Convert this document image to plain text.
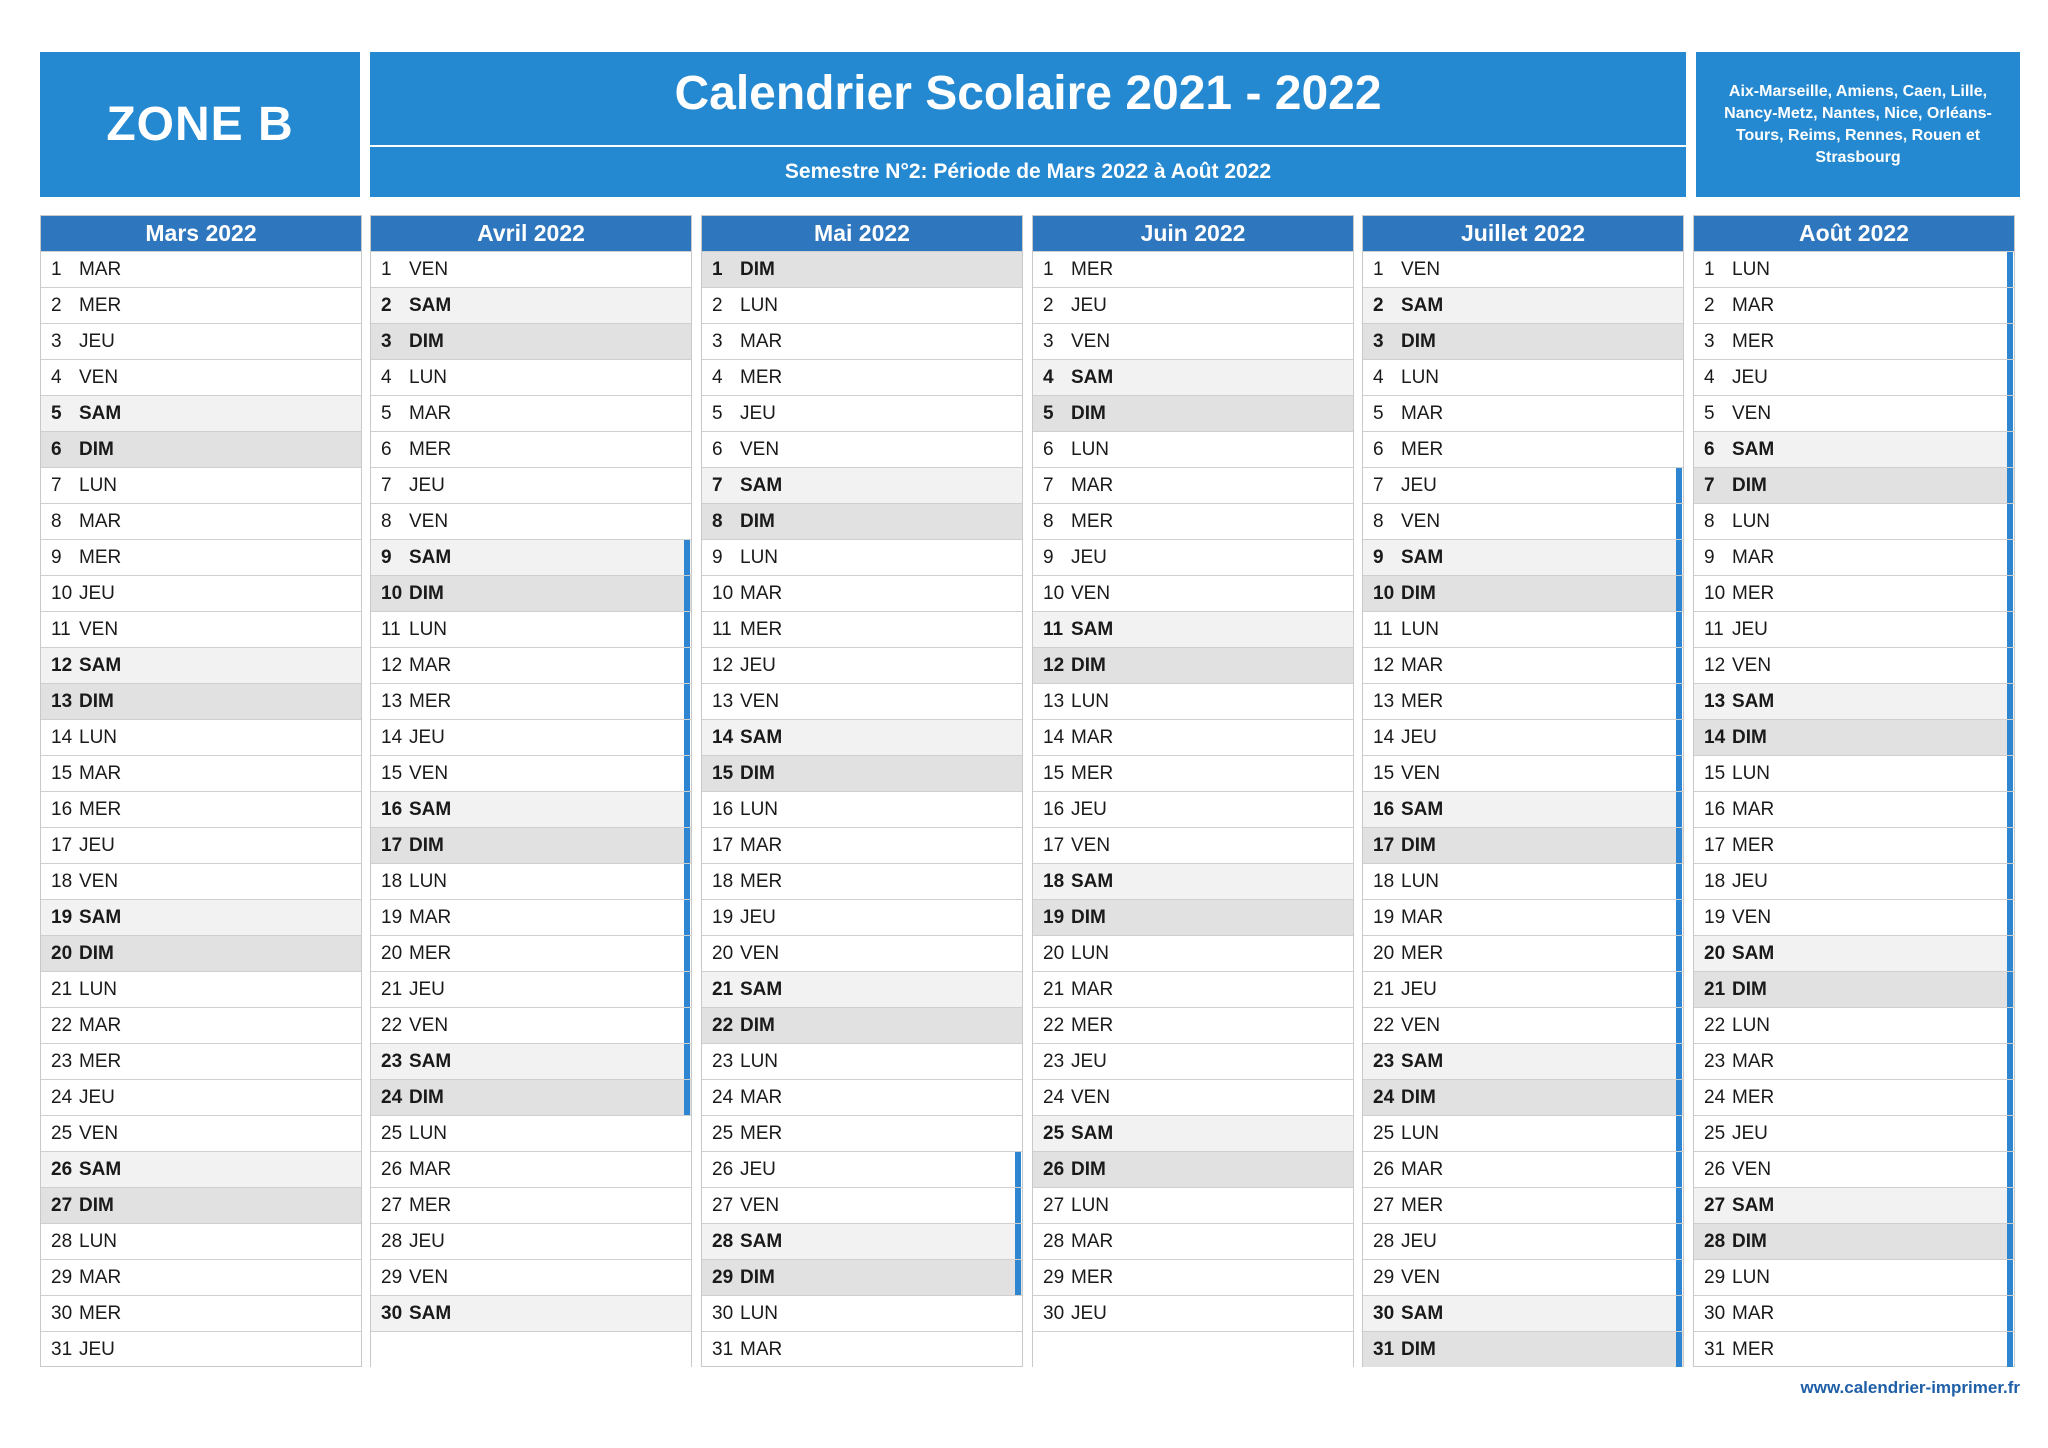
ZONE B
Calendrier Scolaire 2021 - 2022
Semestre N°2: Période de Mars 2022 à Août 2022
Aix-Marseille, Amiens, Caen, Lille, Nancy-Metz, Nantes, Nice, Orléans-Tours, Reims, Rennes, Rouen et Strasbourg
Mars 2022
1 MAR
2 MER
3 JEU
4 VEN
5 SAM
6 DIM
7 LUN
8 MAR
9 MER
10 JEU
11 VEN
12 SAM
13 DIM
14 LUN
15 MAR
16 MER
17 JEU
18 VEN
19 SAM
20 DIM
21 LUN
22 MAR
23 MER
24 JEU
25 VEN
26 SAM
27 DIM
28 LUN
29 MAR
30 MER
31 JEU
Avril 2022
1 VEN
2 SAM
3 DIM
4 LUN
5 MAR
6 MER
7 JEU
8 VEN
9 SAM
10 DIM
11 LUN
12 MAR
13 MER
14 JEU
15 VEN
16 SAM
17 DIM
18 LUN
19 MAR
20 MER
21 JEU
22 VEN
23 SAM
24 DIM
25 LUN
26 MAR
27 MER
28 JEU
29 VEN
30 SAM
Mai 2022
1 DIM
2 LUN
3 MAR
4 MER
5 JEU
6 VEN
7 SAM
8 DIM
9 LUN
10 MAR
11 MER
12 JEU
13 VEN
14 SAM
15 DIM
16 LUN
17 MAR
18 MER
19 JEU
20 VEN
21 SAM
22 DIM
23 LUN
24 MAR
25 MER
26 JEU
27 VEN
28 SAM
29 DIM
30 LUN
31 MAR
Juin 2022
1 MER
2 JEU
3 VEN
4 SAM
5 DIM
6 LUN
7 MAR
8 MER
9 JEU
10 VEN
11 SAM
12 DIM
13 LUN
14 MAR
15 MER
16 JEU
17 VEN
18 SAM
19 DIM
20 LUN
21 MAR
22 MER
23 JEU
24 VEN
25 SAM
26 DIM
27 LUN
28 MAR
29 MER
30 JEU
Juillet 2022
1 VEN
2 SAM
3 DIM
4 LUN
5 MAR
6 MER
7 JEU
8 VEN
9 SAM
10 DIM
11 LUN
12 MAR
13 MER
14 JEU
15 VEN
16 SAM
17 DIM
18 LUN
19 MAR
20 MER
21 JEU
22 VEN
23 SAM
24 DIM
25 LUN
26 MAR
27 MER
28 JEU
29 VEN
30 SAM
31 DIM
Août 2022
1 LUN
2 MAR
3 MER
4 JEU
5 VEN
6 SAM
7 DIM
8 LUN
9 MAR
10 MER
11 JEU
12 VEN
13 SAM
14 DIM
15 LUN
16 MAR
17 MER
18 JEU
19 VEN
20 SAM
21 DIM
22 LUN
23 MAR
24 MER
25 JEU
26 VEN
27 SAM
28 DIM
29 LUN
30 MAR
31 MER
www.calendrier-imprimer.fr
